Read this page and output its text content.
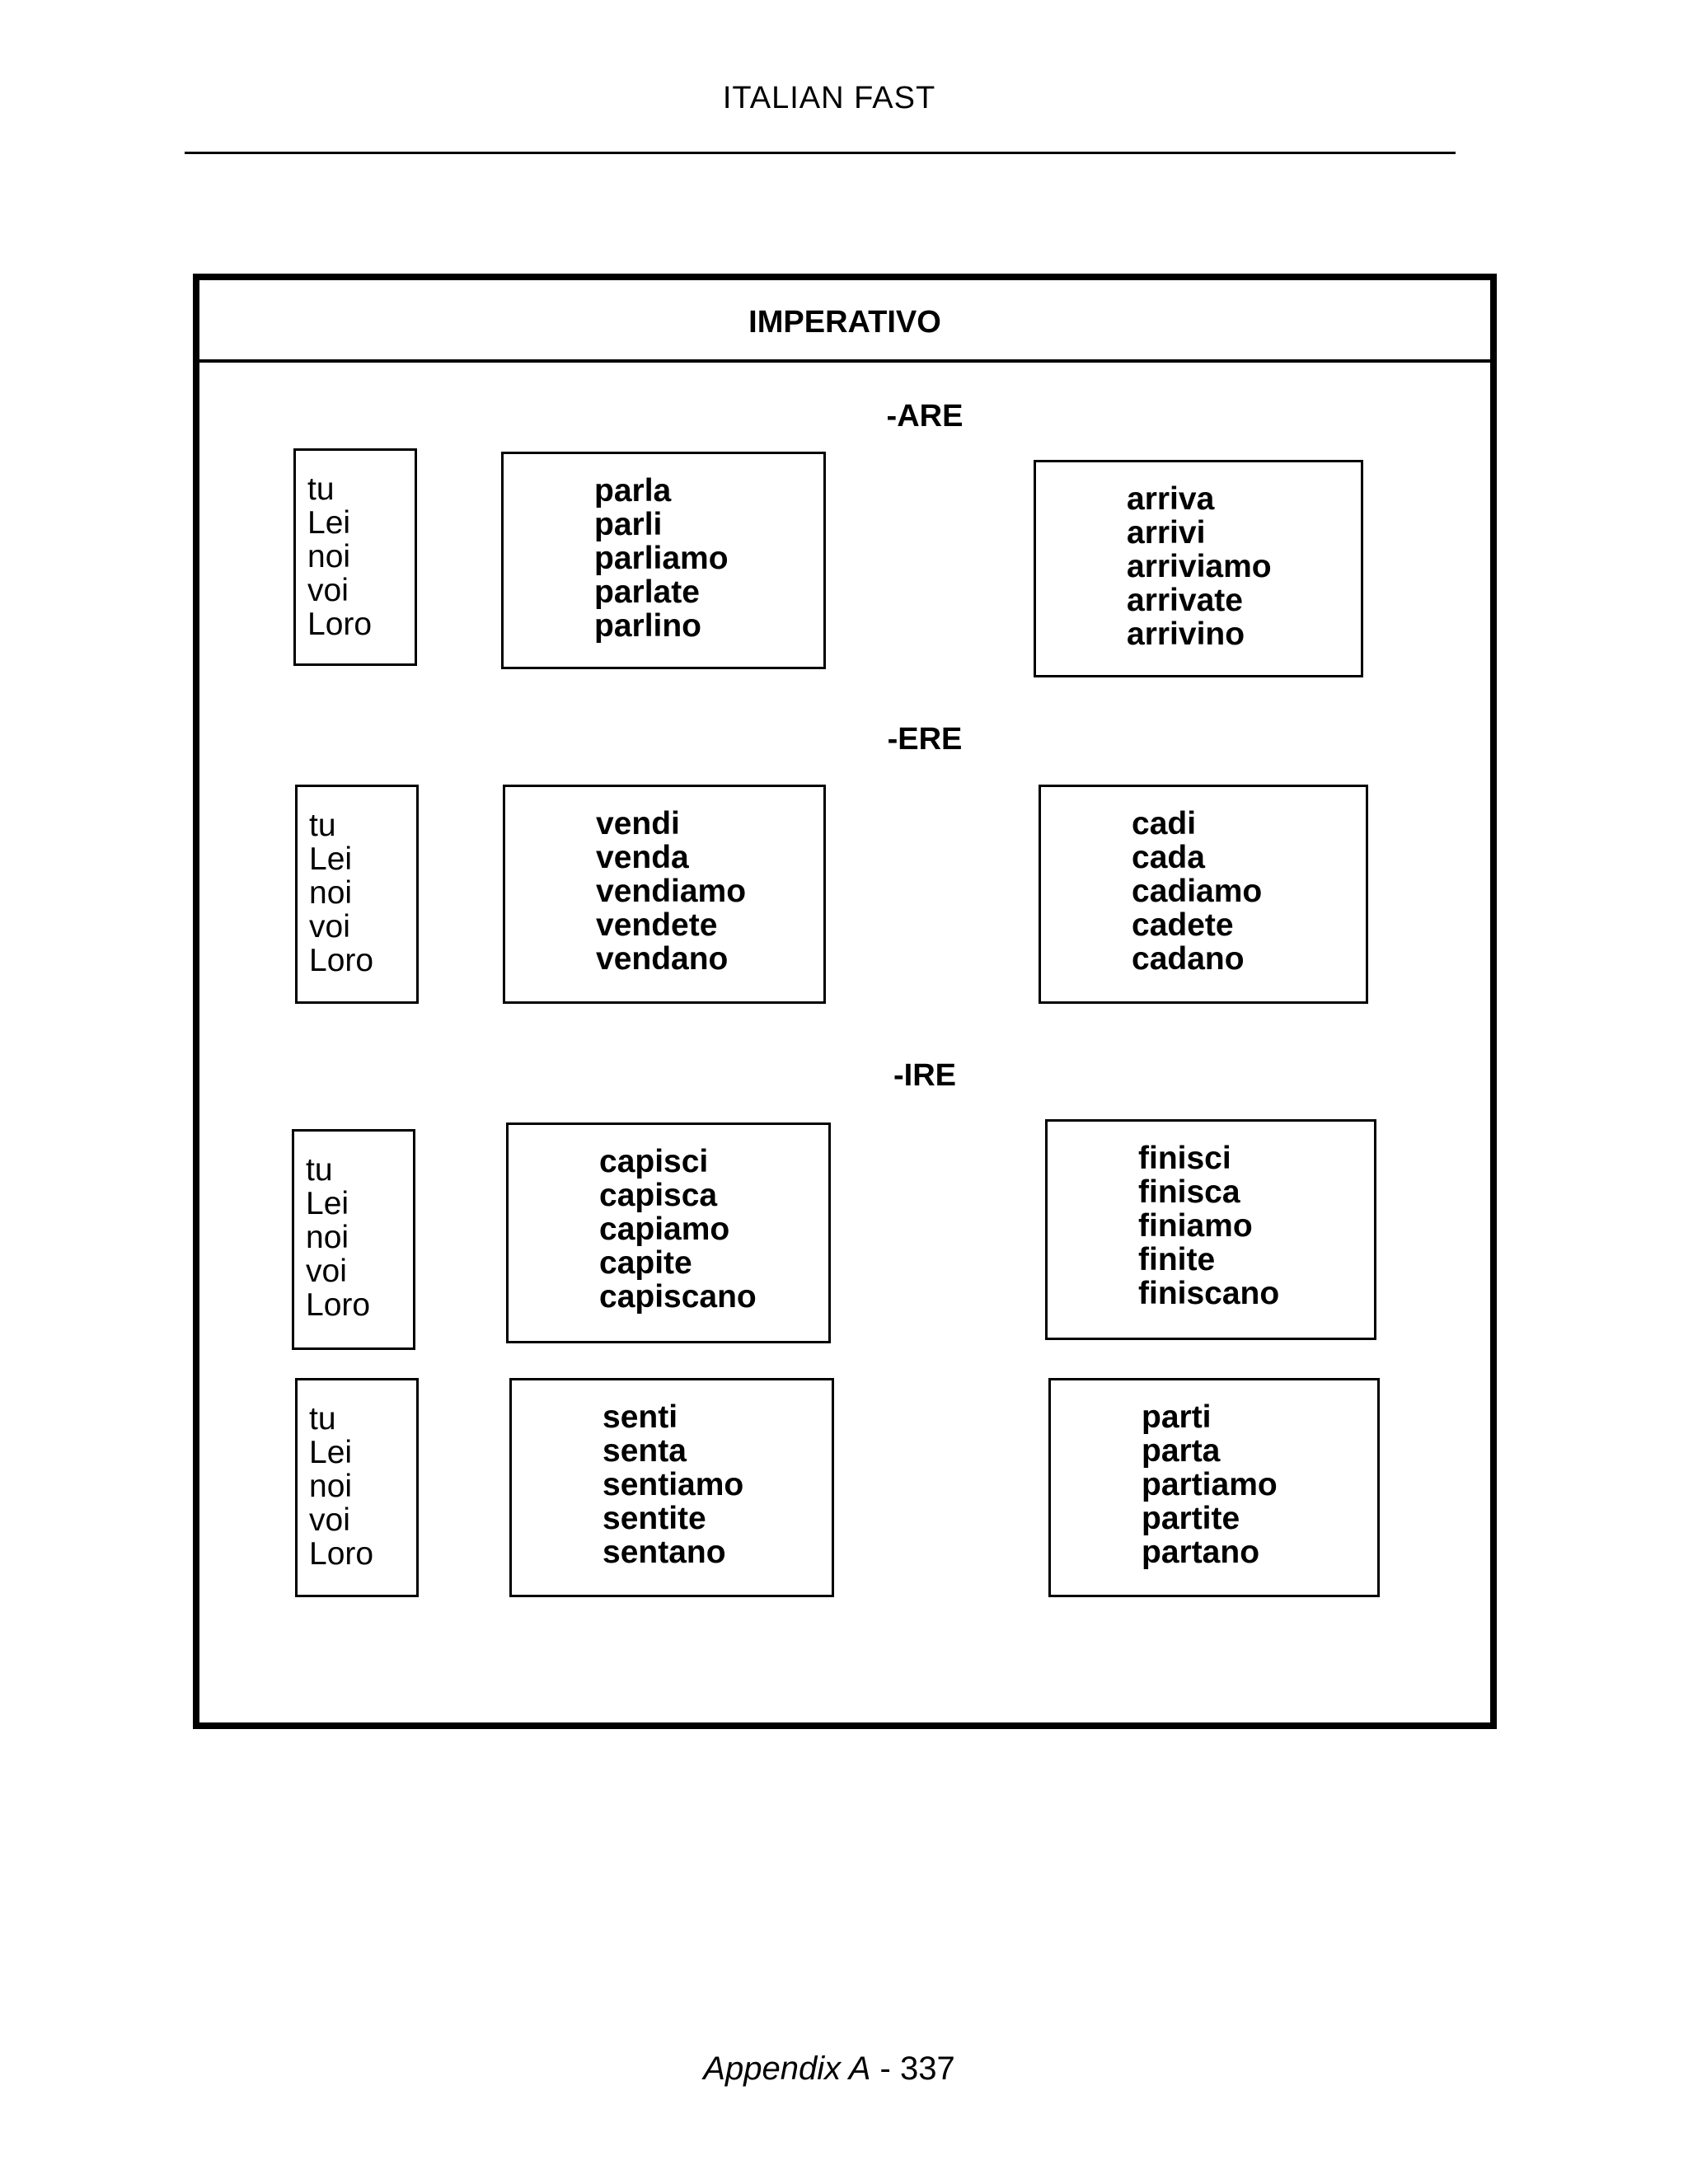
ITALIAN FAST
IMPERATIVO
-ARE
-ERE
-IRE
tu
Lei
noi
voi
Loro
parla
parli
parliamo
parlate
parlino
arriva
arrivi
arriviamo
arrivate
arrivino
tu
Lei
noi
voi
Loro
vendi
venda
vendiamo
vendete
vendano
cadi
cada
cadiamo
cadete
cadano
tu
Lei
noi
voi
Loro
capisci
capisca
capiamo
capite
capiscano
finisci
finisca
finiamo
finite
finiscano
tu
Lei
noi
voi
Loro
senti
senta
sentiamo
sentite
sentano
parti
parta
partiamo
partite
partano
Appendix A - 337
